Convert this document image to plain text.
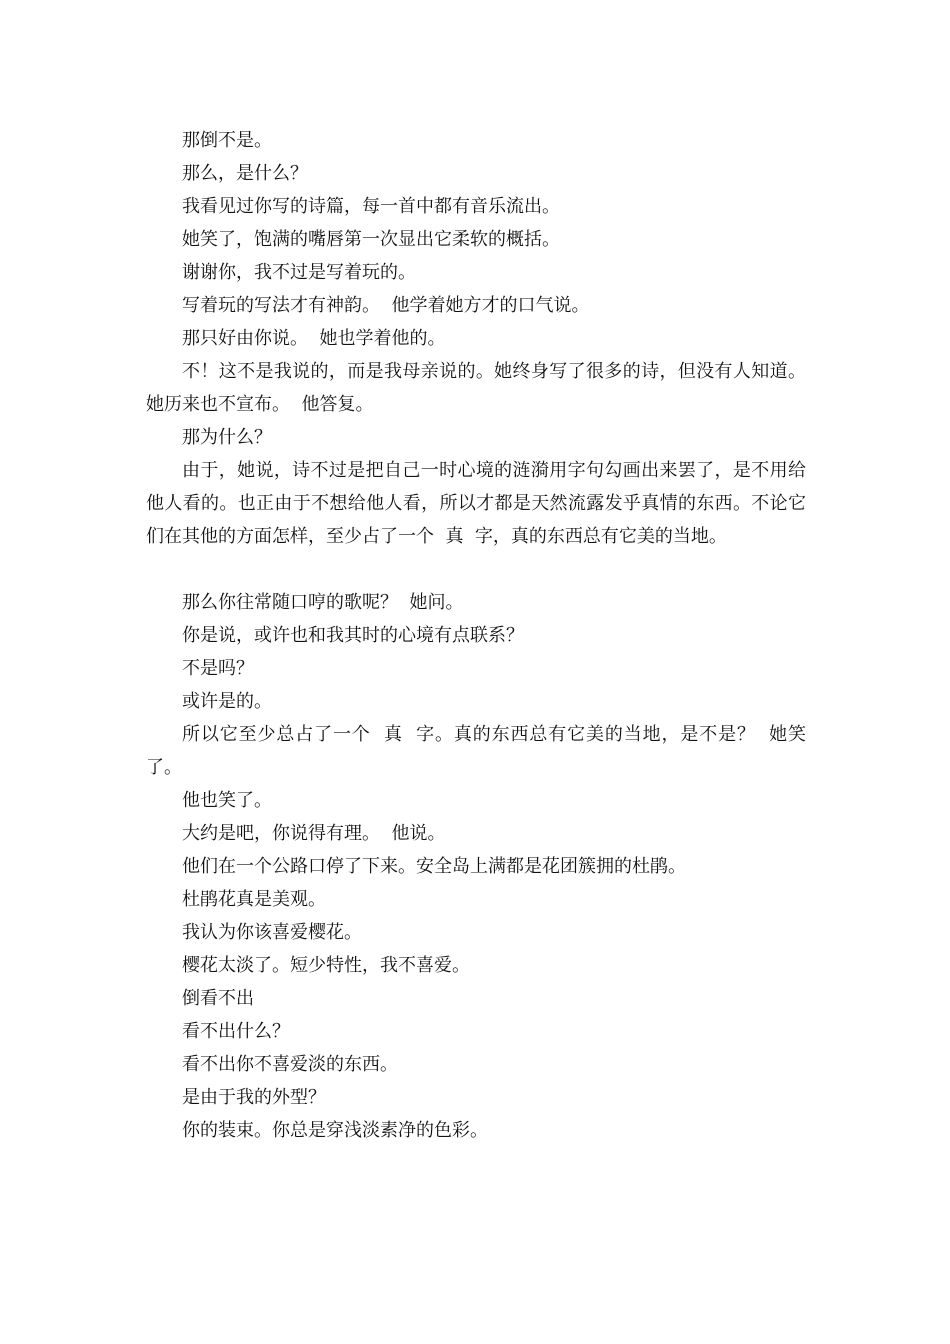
那倒不是。

那么，是什么？

我看见过你写的诗篇，每一首中都有音乐流出。

她笑了，饱满的嘴唇第一次显出它柔软的概括。

谢谢你，我不过是写着玩的。

写着玩的写法才有神韵。  他学着她方才的口气说。

那只好由你说。  她也学着他的。

不！这不是我说的，而是我母亲说的。她终身写了很多的诗，但没有人知道。她历来也不宣布。  他答复。

那为什么？

由于，她说，诗不过是把自己一时心境的涟漪用字句勾画出来罢了，是不用给他人看的。也正由于不想给他人看，所以才都是天然流露发乎真情的东西。不论它们在其他的方面怎样，至少占了一个  真  字，真的东西总有它美的当地。

那么你往常随口哼的歌呢？  她问。

你是说，或许也和我其时的心境有点联系？

不是吗？

或许是的。

所以它至少总占了一个  真  字。真的东西总有它美的当地，是不是？  她笑了。

他也笑了。

大约是吧，你说得有理。  他说。

他们在一个公路口停了下来。安全岛上满都是花团簇拥的杜鹃。

杜鹃花真是美观。

我认为你该喜爱樱花。

樱花太淡了。短少特性，我不喜爱。

倒看不出

看不出什么？

看不出你不喜爱淡的东西。

是由于我的外型？

你的装束。你总是穿浅淡素净的色彩。
